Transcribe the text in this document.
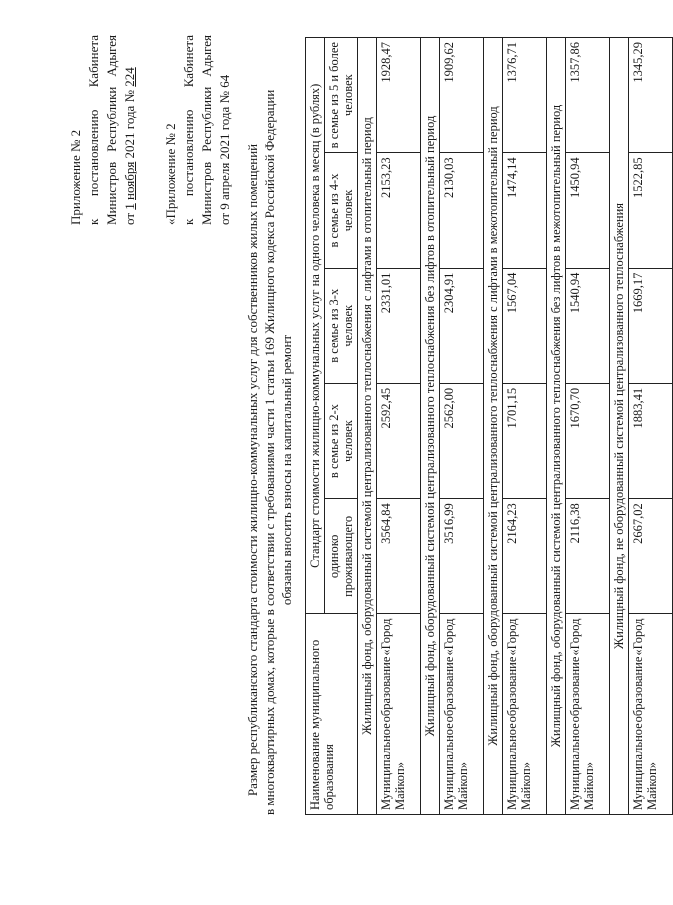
Приложение № 2 к
постановлению
Кабинета
Министров
Республики
Адыгея
от 1 ноября 2021 года № 224
«Приложение № 2 к
постановлению
Кабинета
Министров
Республики
Адыгея
от 9 апреля 2021 года № 64 Размер республиканского стандарта стоимости жилищно-коммунальных услуг для собственников жилых помещений в многоквартирных домах, которые в соответствии с требованиями части 1 статьи 169 Жилищного кодекса Российской Федерации обязаны вносить взносы на капитальный ремонт
Наименование муниципального образования	Стандарт стоимости жилищно-коммунальных услуг на одного человека в месяц (в рублях)				
	одиноко проживающего	в семье из 2-х человек	в семье из 3-х человек	в семье из 4-х человек	в семье из 5 и более человек
Жилищный фонд, оборудованный системой централизованного теплоснабжения с лифтами в отопительный период					

Муниципальное
образование
«Город
Майкоп»	3564,84	2592,45	2331,01	2153,23	1928,47
Жилищный фонд, оборудованный системой централизованного теплоснабжения без лифтов в отопительный период					

Муниципальное
образование
«Город
Майкоп»	3516,99	2562,00	2304,91	2130,03	1909,62
Жилищный фонд, оборудованный системой централизованного теплоснабжения с лифтами в межотопительный период					

Муниципальное
образование
«Город
Майкоп»	2164,23	1701,15	1567,04	1474,14	1376,71
Жилищный фонд, оборудованный системой централизованного теплоснабжения без лифтов в межотопительный период					

Муниципальное
образование
«Город
Майкоп»	2116,38	1670,70	1540,94	1450,94	1357,86
Жилищный фонд, не оборудованный системой централизованного теплоснабжения					

Муниципальное
образование
«Город
Майкоп»	2667,02	1883,41	1669,17	1522,85	1345,29
